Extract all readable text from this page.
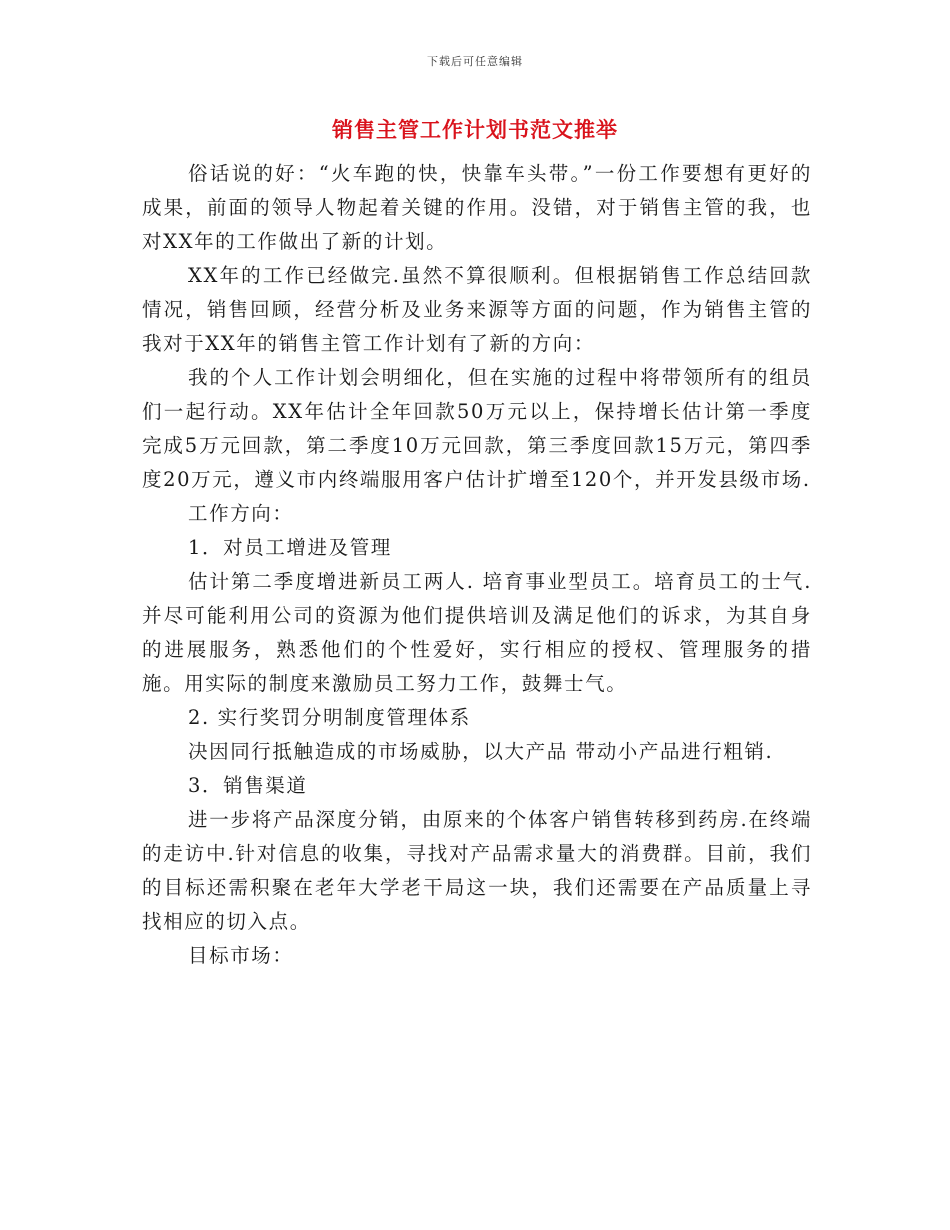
下载后可任意编辑
销售主管工作计划书范文推举

俗话说的好：“火车跑的快，快靠车头带。”一份工作要想有更好的成果，前面的领导人物起着关键的作用。没错，对于销售主管的我，也对XX年的工作做出了新的计划。

XX年的工作已经做完.虽然不算很顺利。但根据销售工作总结回款情况，销售回顾，经营分析及业务来源等方面的问题，作为销售主管的我对于XX年的销售主管工作计划有了新的方向：

我的个人工作计划会明细化，但在实施的过程中将带领所有的组员们一起行动。XX年估计全年回款50万元以上，保持增长估计第一季度完成5万元回款，第二季度10万元回款，第三季度回款15万元，第四季度20万元，遵义市内终端服用客户估计扩增至120个，并开发县级市场.

工作方向：

1．对员工增进及管理

估计第二季度增进新员工两人. 培育事业型员工。培育员工的士气.并尽可能利用公司的资源为他们提供培训及满足他们的诉求，为其自身的进展服务，熟悉他们的个性爱好，实行相应的授权、管理服务的措施。用实际的制度来激励员工努力工作，鼓舞士气。

2. 实行奖罚分明制度管理体系

决因同行抵触造成的市场威胁，以大产品 带动小产品进行粗销.

3．销售渠道

进一步将产品深度分销，由原来的个体客户销售转移到药房.在终端的走访中.针对信息的收集，寻找对产品需求量大的消费群。目前，我们的目标还需积聚在老年大学老干局这一块，我们还需要在产品质量上寻找相应的切入点。

目标市场：
